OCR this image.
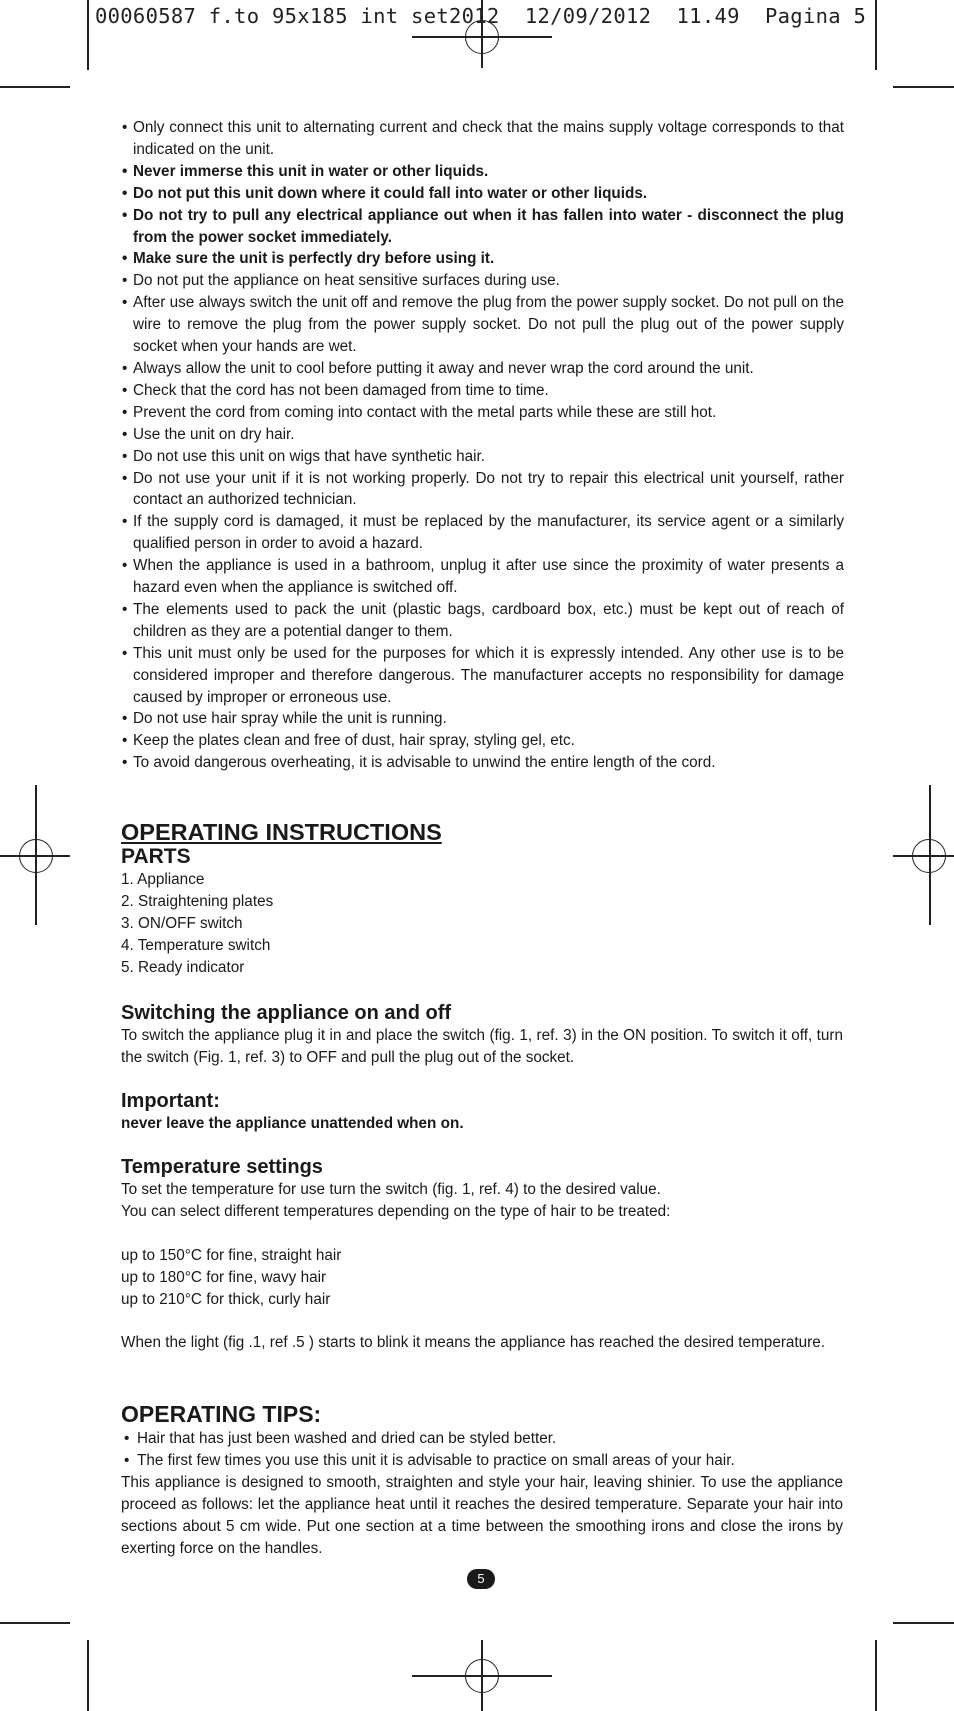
00060587 f.to 95x185 int set2012  12/09/2012  11.49  Pagina 5
• Only connect this unit to alternating current and check that the mains supply voltage corresponds to that indicated on the unit.
• Never immerse this unit in water or other liquids.
• Do not put this unit down where it could fall into water or other liquids.
• Do not try to pull any electrical appliance out when it has fallen into water - disconnect the plug from the power socket immediately.
• Make sure the unit is perfectly dry before using it.
• Do not put the appliance on heat sensitive surfaces during use.
• After use always switch the unit off and remove the plug from the power supply socket. Do not pull on the wire to remove the plug from the power supply socket. Do not pull the plug out of the power supply socket when your hands are wet.
• Always allow the unit to cool before putting it away and never wrap the cord around the unit.
• Check that the cord has not been damaged from time to time.
• Prevent the cord from coming into contact with the metal parts while these are still hot.
• Use the unit on dry hair.
• Do not use this unit on wigs that have synthetic hair.
• Do not use your unit if it is not working properly. Do not try to repair this electrical unit yourself, rather contact an authorized technician.
• If the supply cord is damaged, it must be replaced by the manufacturer, its service agent or a similarly qualified person in order to avoid a hazard.
• When the appliance is used in a bathroom, unplug it after use since the proximity of water presents a hazard even when the appliance is switched off.
• The elements used to pack the unit (plastic bags, cardboard box, etc.) must be kept out of reach of children as they are a potential danger to them.
• This unit must only be used for the purposes for which it is expressly intended. Any other use is to be considered improper and therefore dangerous. The manufacturer accepts no responsibility for damage caused by improper or erroneous use.
• Do not use hair spray while the unit is running.
• Keep the plates clean and free of dust, hair spray, styling gel, etc.
• To avoid dangerous overheating, it is advisable to unwind the entire length of the cord.
OPERATING INSTRUCTIONS
PARTS
1. Appliance
2. Straightening plates
3. ON/OFF switch
4. Temperature switch
5. Ready indicator
Switching the appliance on and off
To switch the appliance plug it in and place the switch (fig. 1, ref. 3) in the ON position. To switch it off, turn the switch (Fig. 1, ref. 3) to OFF and pull the plug out of the socket.
Important:
never leave the appliance unattended when on.
Temperature settings
To set the temperature for use turn the switch (fig. 1, ref. 4) to the desired value.
You can select different temperatures depending on the type of hair to be treated:
up to 150°C for fine, straight hair
up to 180°C for fine, wavy hair
up to 210°C for thick, curly hair
When the light (fig .1, ref .5 ) starts to blink it means the appliance has reached the desired temperature.
OPERATING TIPS:
• Hair that has just been washed and dried can be styled better.
• The first few times you use this unit it is advisable to practice on small areas of your hair.
This appliance is designed to smooth, straighten and style your hair, leaving shinier. To use the appliance proceed as follows: let the appliance heat until it reaches the desired temperature. Separate your hair into sections about 5 cm wide. Put one section at a time between the smoothing irons and close the irons by exerting force on the handles.
5
